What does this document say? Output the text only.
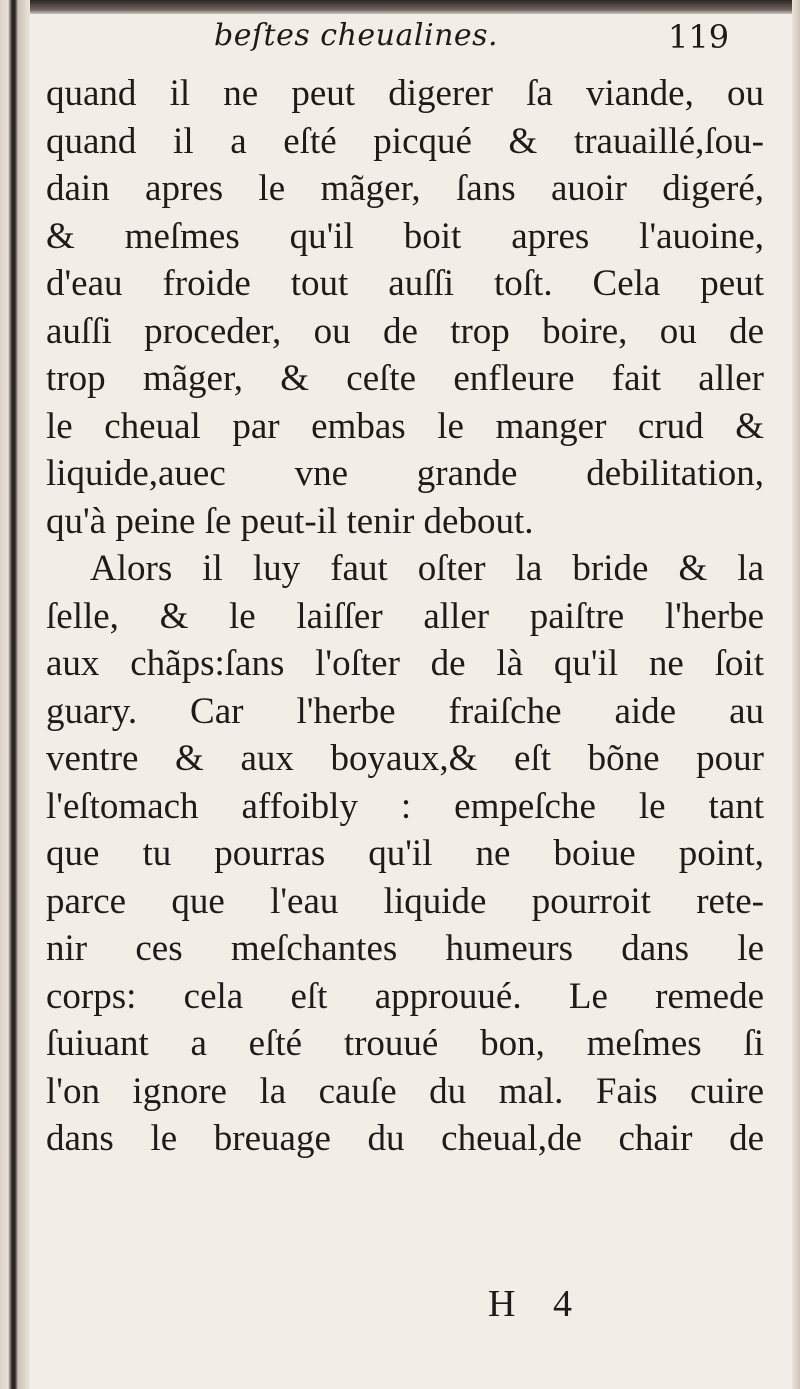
beſtes cheualines.	119
quand il ne peut digerer ſa viande, ou
quand il a eſté picqué & trauaillé,ſou-
dain apres le mãger, ſans auoir digeré,
& meſmes qu'il boit apres l'auoine,
d'eau froide tout auſſi toſt. Cela peut
auſſi proceder, ou de trop boire, ou de
trop mãger, & ceſte enfleure fait aller
le cheual par embas le manger crud &
liquide,auec vne grande debilitation,
qu'à peine ſe peut-il tenir debout.
Alors il luy faut oſter la bride & la
ſelle, & le laiſſer aller paiſtre l'herbe
aux chãps:ſans l'oſter de là qu'il ne ſoit
guary. Car l'herbe fraiſche aide au
ventre & aux boyaux,& eſt bõne pour
l'eſtomach affoibly : empeſche le tant
que tu pourras qu'il ne boiue point,
parce que l'eau liquide pourroit rete-
nir ces meſchantes humeurs dans le
corps: cela eſt approuué. Le remede
ſuiuant a eſté trouué bon, meſmes ſi
l'on ignore la cauſe du mal. Fais cuire
dans le breuage du cheual,de chair de
H 4
